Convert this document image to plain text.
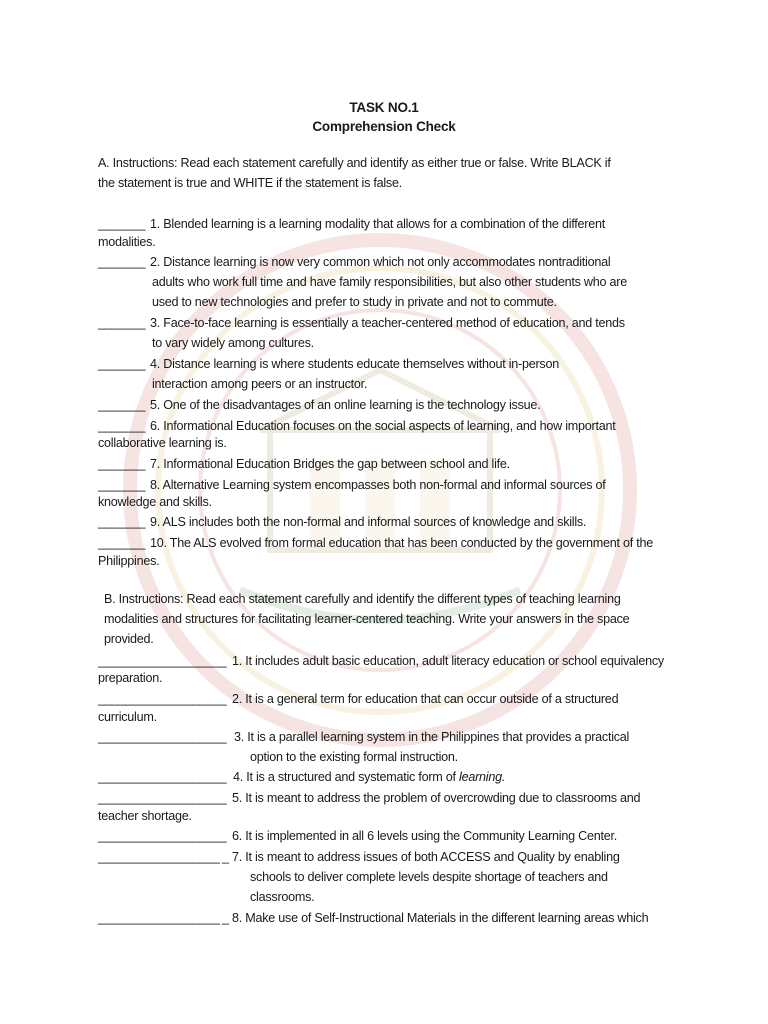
TASK NO.1
Comprehension Check
A. Instructions: Read each statement carefully and identify as either true or false. Write BLACK if
the statement is true and WHITE if the statement is false.
_______ 1. Blended learning is a learning modality that allows for a combination of the different
modalities.
_______ 2. Distance learning is now very common which not only accommodates nontraditional
adults who work full time and have family responsibilities, but also other students who are
used to new technologies and prefer to study in private and not to commute.
_______ 3. Face-to-face learning is essentially a teacher-centered method of education, and tends
to vary widely among cultures.
_______ 4. Distance learning is where students educate themselves without in-person
interaction among peers or an instructor.
_______ 5. One of the disadvantages of an online learning is the technology issue.
_______ 6. Informational Education focuses on the social aspects of learning, and how important
collaborative learning is.
_______ 7. Informational Education Bridges the gap between school and life.
_______ 8. Alternative Learning system encompasses both non-formal and informal sources of
knowledge and skills.
_______ 9. ALS includes both the non-formal and informal sources of knowledge and skills.
_______ 10. The ALS evolved from formal education that has been conducted by the government of the
Philippines.
B. Instructions: Read each statement carefully and identify the different types of teaching learning
modalities and structures for facilitating learner-centered teaching. Write your answers in the space
provided.
___________________ 1. It includes adult basic education, adult literacy education or school equivalency
preparation.
___________________ 2. It is a general term for education that can occur outside of a structured
curriculum.
___________________ 3. It is a parallel learning system in the Philippines that provides a practical
option to the existing formal instruction.
___________________ 4. It is a structured and systematic form of learning.
___________________ 5. It is meant to address the problem of overcrowding due to classrooms and
teacher shortage.
___________________ 6. It is implemented in all 6 levels using the Community Learning Center.
__________________ _ 7. It is meant to address issues of both ACCESS and Quality by enabling
schools to deliver complete levels despite shortage of teachers and
classrooms.
__________________ _ 8. Make use of Self-Instructional Materials in the different learning areas which
